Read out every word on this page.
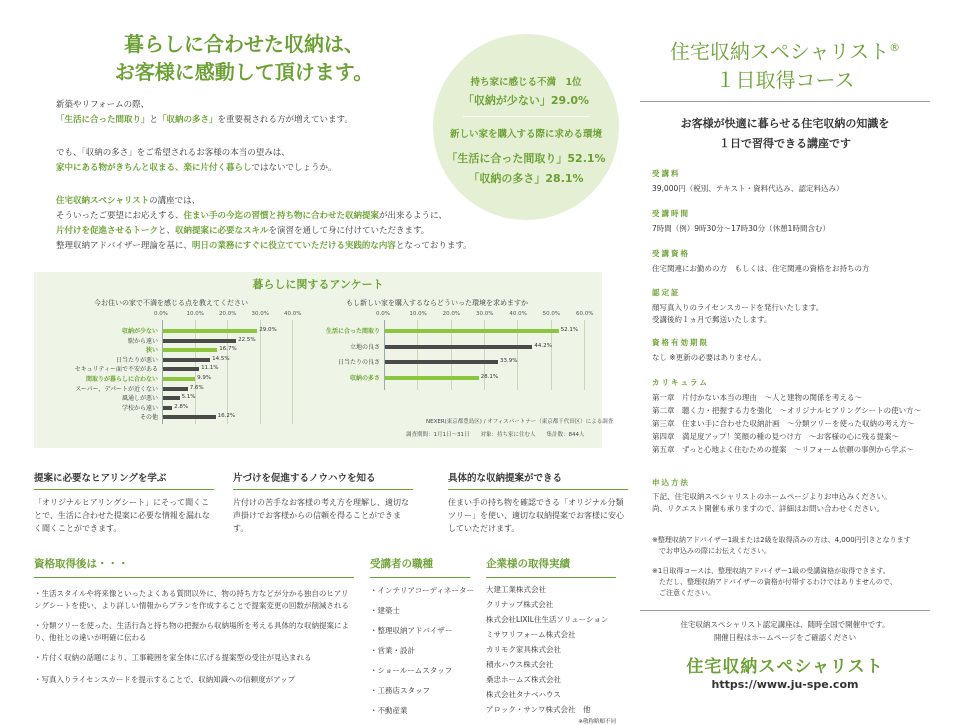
暮らしに合わせた収納は、
お客様に感動して頂けます。
新築やリフォームの際、
「生活に合った間取り」と「収納の多さ」を重要視される方が増えています。
でも、「収納の多さ」をご希望されるお客様の本当の望みは、
家中にある物がきちんと収まる、楽に片付く暮らしではないでしょうか。
住宅収納スペシャリストの講座では、
そういったご要望にお応えする、住まい手の今迄の習慣と持ち物に合わせた収納提案が出来るように、
片付けを促進させるトークと、収納提案に必要なスキルを演習を通して身に付けていただきます。
整理収納アドバイザー理論を基に、明日の業務にすぐに役立てていただける実践的な内容となっております。
持ち家に感じる不満　1位
「収納が少ない」29.0%
新しい家を購入する際に求める環境
「生活に合った間取り」52.1%
「収納の多さ」28.1%
暮らしに関するアンケート
今お住いの家で不満を感じる点を教えてください
0.0%	10.0%	20.0%	30.0%	40.0%
収納が少ない	29.0%
駅から遠い	22.5%
狭い	16.7%
日当たりが悪い	14.5%
セキュリティー面で不安がある	11.1%
間取りが暮らしに合わない	9.9%
スーパー、デパートが近くない	7.6%
風通しが悪い	5.1%
学校から遠い	2.8%
その他	16.2%
もし新しい家を購入するならどういった環境を求めますか
0.0%	10.0%	20.0%	30.0%	40.0%	50.0%	60.0%
生活に合った間取り	52.1%
立地の良さ	44.2%
日当たりの良さ	33.9%
収納の多さ	28.1%
NEXER(東京都豊島区) / オフィスパートナー（東京都千代田区）による調査
調査期間：1月1日～31日　　対象：持ち家に住む人　　集計数：844人
提案に必要なヒアリングを学ぶ
「オリジナルヒアリングシート」にそって聞くことで、生活に合わせた提案に必要な情報を漏れなく聞くことができます。
片づけを促進するノウハウを知る
片付けの苦手なお客様の考え方を理解し、適切な声掛けでお客様からの信頼を得ることができます。
具体的な収納提案ができる
住まい手の持ち物を確認できる「オリジナル分類ツリー」を使い、適切な収納提案でお客様に安心していただけます。
資格取得後は・・・
・生活スタイルや将来像といったよくある質問以外に、物の持ち方などが分かる独自のヒアリングシートを使い、より詳しい情報からプランを作成することで提案変更の回数が削減される
・分類ツリーを使った、生活行為と持ち物の把握から収納場所を考える具体的な収納提案により、他社との違いが明確に伝わる
・片付く収納の話題により、工事範囲を家全体に広げる提案型の受注が見込まれる
・写真入りライセンスカードを提示することで、収納知識への信頼度がアップ
受講者の職種
・インテリアコーディネーター
・建築士
・整理収納アドバイザー
・営業・設計
・ショールームスタッフ
・工務店スタッフ
・不動産業
企業様の取得実績
大建工業株式会社
クリナップ株式会社
株式会社LIXIL住生活ソリューション
ミサワリフォーム株式会社
カリモク家具株式会社
積水ハウス株式会社
桑忠ホームズ株式会社
株式会社タナベハウス
アロック・サンワ株式会社　他
※敬称略順不同
住宅収納スペシャリスト®
１日取得コース
お客様が快適に暮らせる住宅収納の知識を
１日で習得できる講座です
受講料
39,000円（税別、テキスト・資料代込み、認定料込み）
受講時間
7時間（例）9時30分～17時30分（休憩1時間含む）
受講資格
住宅関連にお勤めの方　もしくは、住宅関連の資格をお持ちの方
認定証
顔写真入りのライセンスカードを発行いたします。
受講後約１ヵ月で郵送いたします。
資格有効期限
なし ※更新の必要はありません。
カリキュラム
第一章　片付かない本当の理由　～人と建物の関係を考える～
第二章　聴く力・把握する力を強化　～オリジナルヒアリングシートの使い方～
第三章　住まい手に合わせた収納計画　～分類ツリーを使った収納の考え方～
第四章　満足度アップ！笑顔の種の見つけ方　～お客様の心に残る提案～
第五章　ずっと心地よく住むための提案　～リフォーム依頼の事例から学ぶ～
申込方法
下記、住宅収納スペシャリストのホームページよりお申込みください。
尚、リクエスト開催も承りますので、詳細はお問い合わせください。
※整理収納アドバイザー1級または2級を取得済みの方は、4,000円引きとなります
　でお申込みの際にお伝えください。
※1日取得コースは、整理収納アドバイザー1級の受講資格が取得できます。
　ただし、整理収納アドバイザーの資格が付帯するわけではありませんので、
　ご注意ください。
住宅収納スペシャリスト認定講座は、随時全国で開催中です。
開催日程はホームページをご確認ください
住宅収納スペシャリスト
https://www.ju-spe.com
